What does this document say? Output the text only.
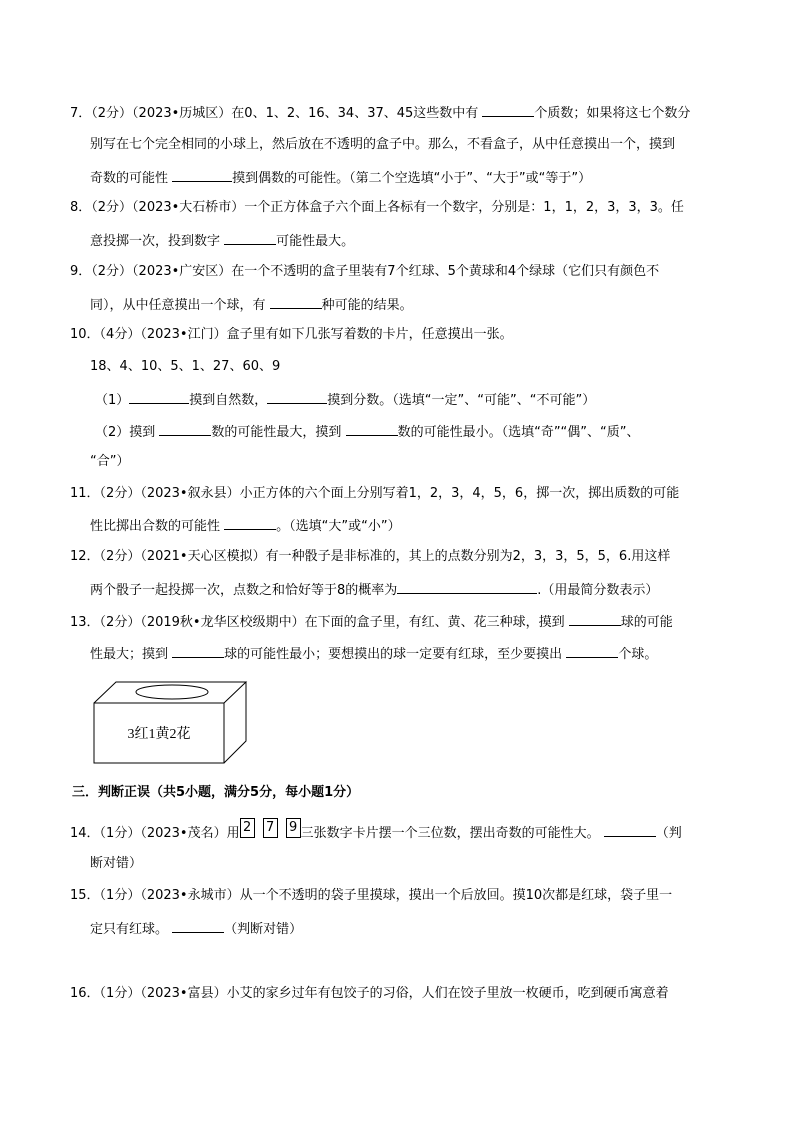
7．（2分）（2023•历城区）在0、1、2、16、34、37、45这些数中有	个质数；如果将这七个数分
别写在七个完全相同的小球上，然后放在不透明的盒子中。那么，不看盒子，从中任意摸出一个，摸到
奇数的可能性	摸到偶数的可能性。（第二个空选填“小于”、“大于”或“等于”）
8．（2分）（2023•大石桥市）一个正方体盒子六个面上各标有一个数字，分别是：1，1，2，3，3，3。任
意投掷一次，投到数字	可能性最大。
9．（2分）（2023•广安区）在一个不透明的盒子里装有7个红球、5个黄球和4个绿球（它们只有颜色不
同），从中任意摸出一个球，有	种可能的结果。
10．（4分）（2023•江门）盒子里有如下几张写着数的卡片，任意摸出一张。
18、4、10、5、1、27、60、9
（1）	摸到自然数，	摸到分数。（选填“一定”、“可能”、“不可能”）
（2）摸到	数的可能性最大，摸到	数的可能性最小。（选填“奇”“偶”、“质”、
“合”）
11．（2分）（2023•叙永县）小正方体的六个面上分别写着1，2，3，4，5，6，掷一次，掷出质数的可能
性比掷出合数的可能性	。（选填“大”或“小”）
12．（2分）（2021•天心区模拟）有一种骰子是非标准的，其上的点数分别为2，3，3，5，5，6.用这样
两个骰子一起投掷一次，点数之和恰好等于8的概率为	.（用最简分数表示）
13．（2分）（2019秋•龙华区校级期中）在下面的盒子里，有红、黄、花三种球，摸到	球的可能
性最大；摸到	球的可能性最小；要想摸出的球一定要有红球，至少要摸出	个球。
3红1黄2花
三．判断正误（共5小题，满分5分，每小题1分）
14．（1分）（2023•茂名）用 2 7 9 三张数字卡片摆一个三位数，摆出奇数的可能性大。	（判
断对错）
15．（1分）（2023•永城市）从一个不透明的袋子里摸球，摸出一个后放回。摸10次都是红球，袋子里一
定只有红球。	（判断对错）
16．（1分）（2023•富县）小艾的家乡过年有包饺子的习俗，人们在饺子里放一枚硬币，吃到硬币寓意着
